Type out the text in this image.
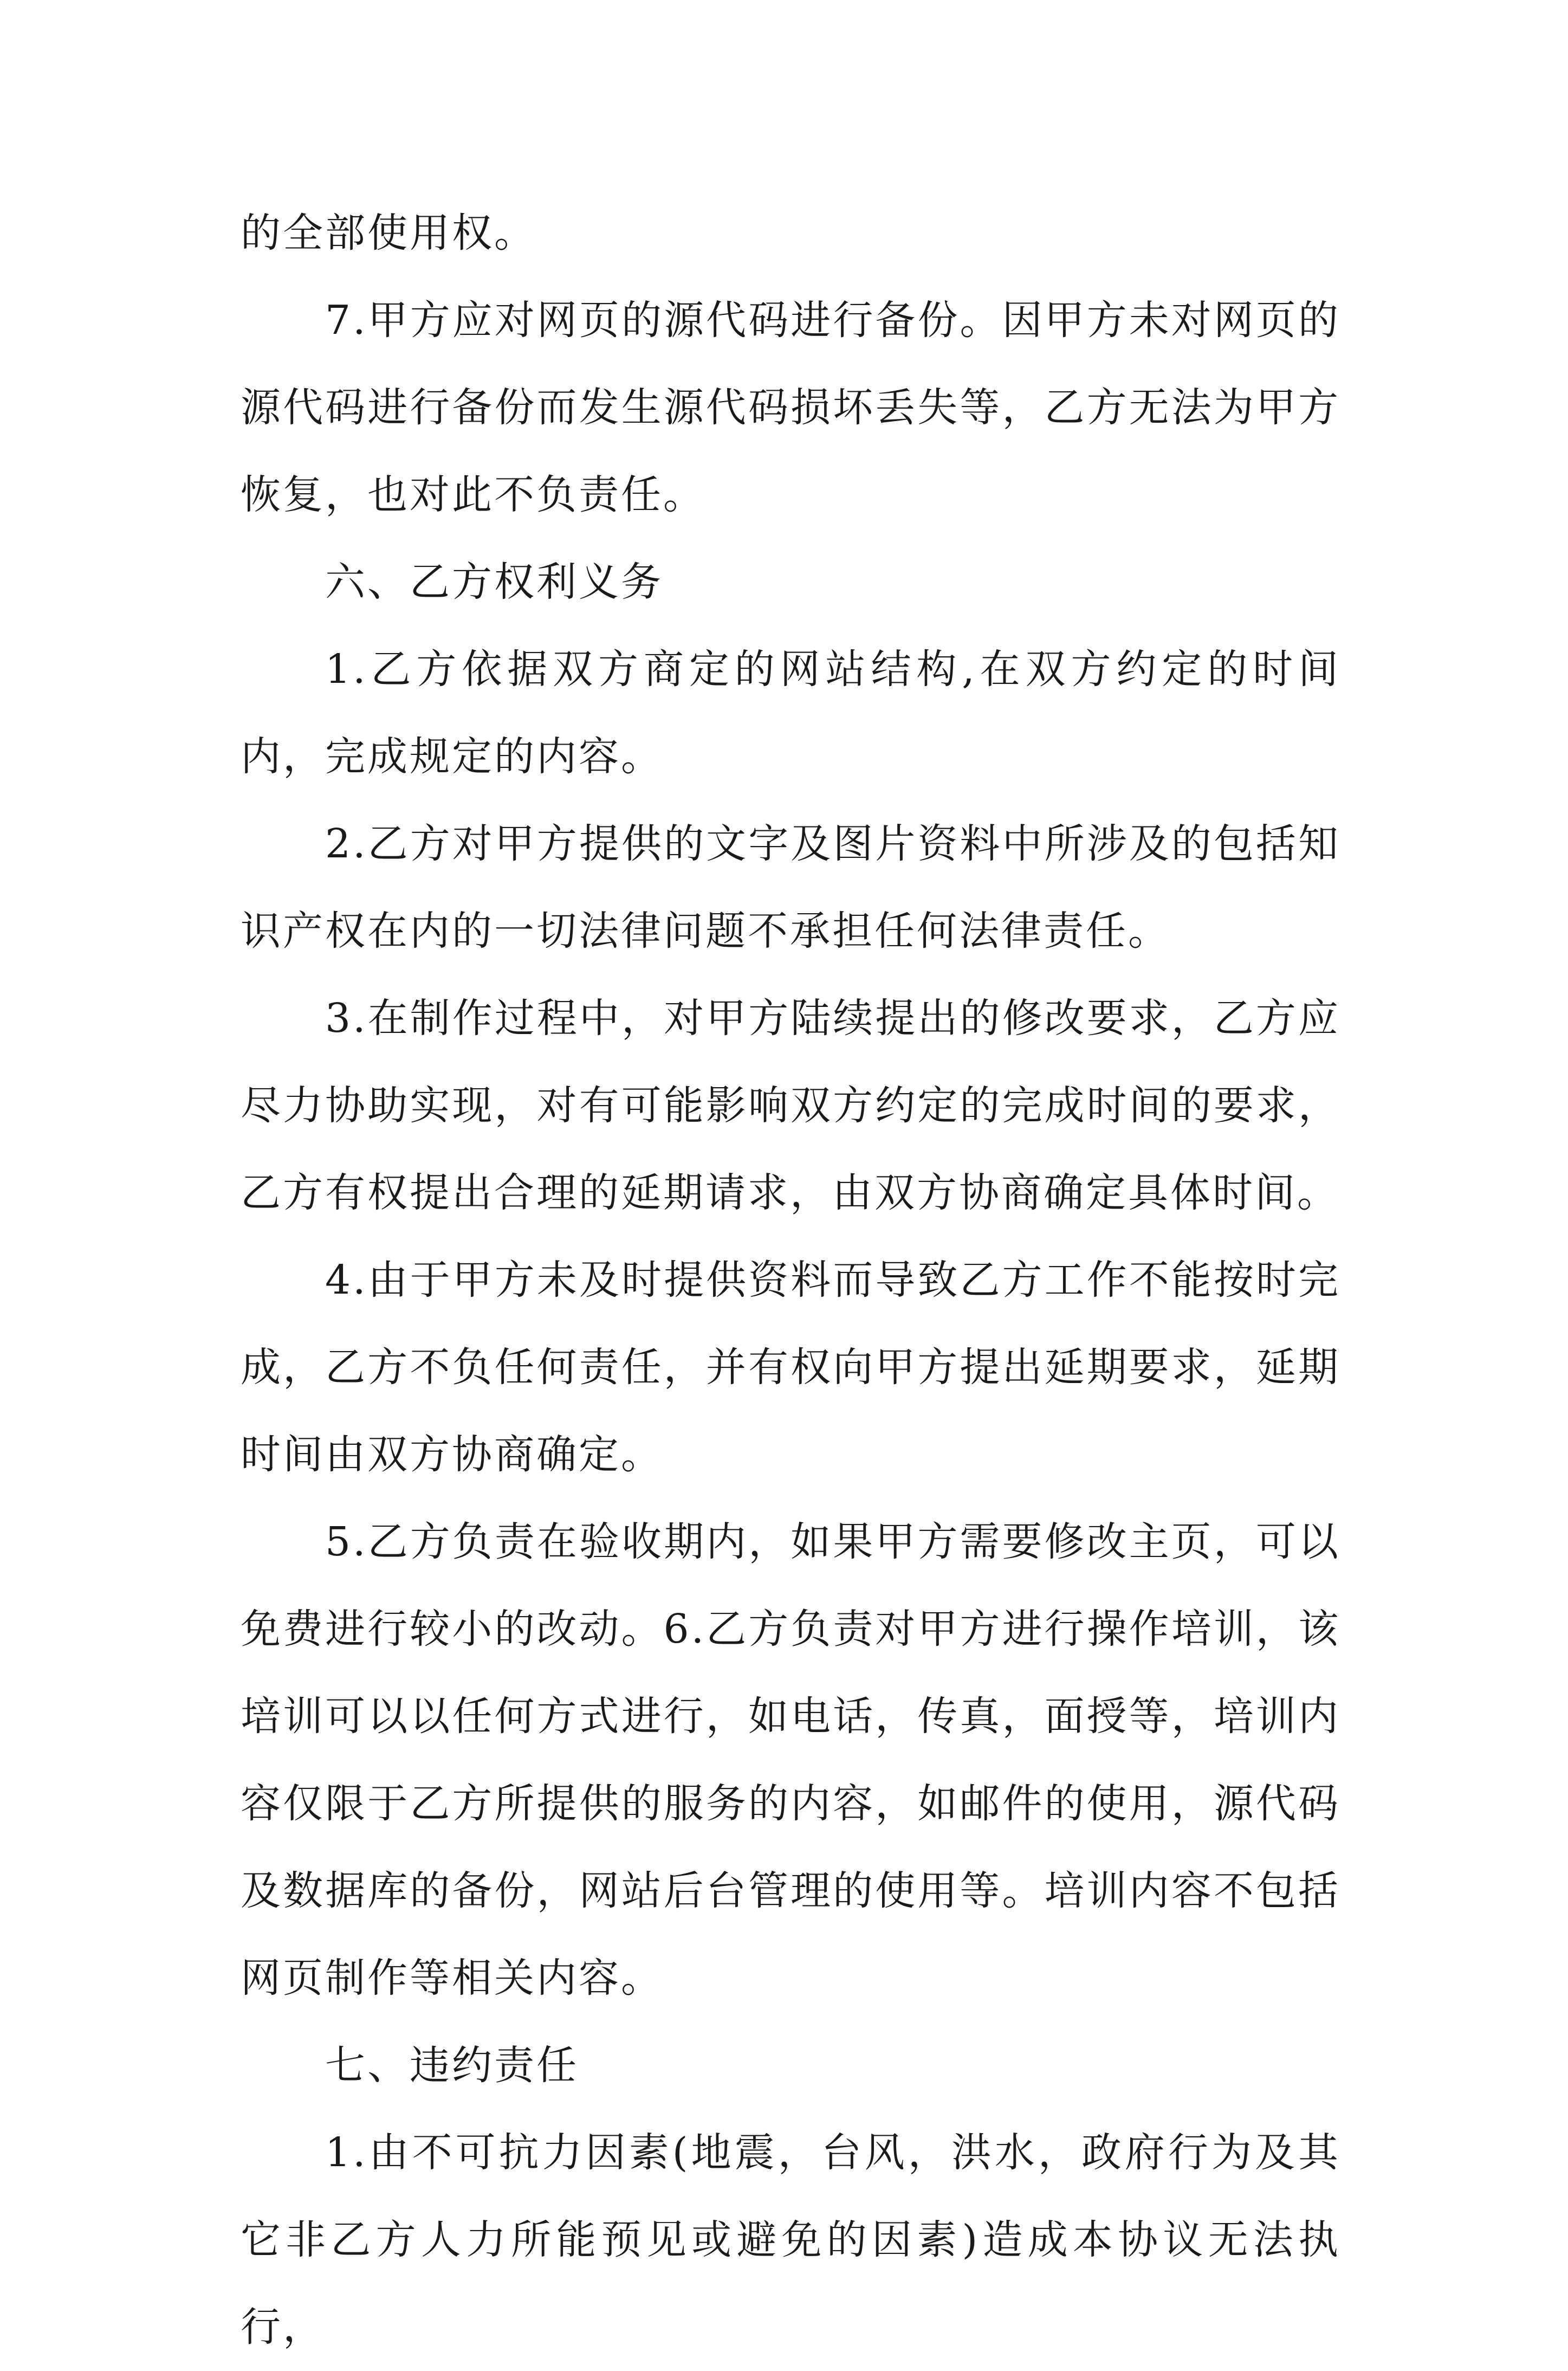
的全部使用权。

7.甲方应对网页的源代码进行备份。因甲方未对网页的源代码进行备份而发生源代码损坏丢失等，乙方无法为甲方恢复，也对此不负责任。

六、乙方权利义务

1.乙方依据双方商定的网站结构,在双方约定的时间内，完成规定的内容。

2.乙方对甲方提供的文字及图片资料中所涉及的包括知识产权在内的一切法律问题不承担任何法律责任。

3.在制作过程中，对甲方陆续提出的修改要求，乙方应尽力协助实现，对有可能影响双方约定的完成时间的要求，乙方有权提出合理的延期请求，由双方协商确定具体时间。

4.由于甲方未及时提供资料而导致乙方工作不能按时完成，乙方不负任何责任，并有权向甲方提出延期要求，延期时间由双方协商确定。

5.乙方负责在验收期内，如果甲方需要修改主页，可以免费进行较小的改动。6.乙方负责对甲方进行操作培训，该培训可以以任何方式进行，如电话，传真，面授等，培训内容仅限于乙方所提供的服务的内容，如邮件的使用，源代码及数据库的备份，网站后台管理的使用等。培训内容不包括网页制作等相关内容。

七、违约责任

1.由不可抗力因素(地震，台风，洪水，政府行为及其它非乙方人力所能预见或避免的因素)造成本协议无法执行，
